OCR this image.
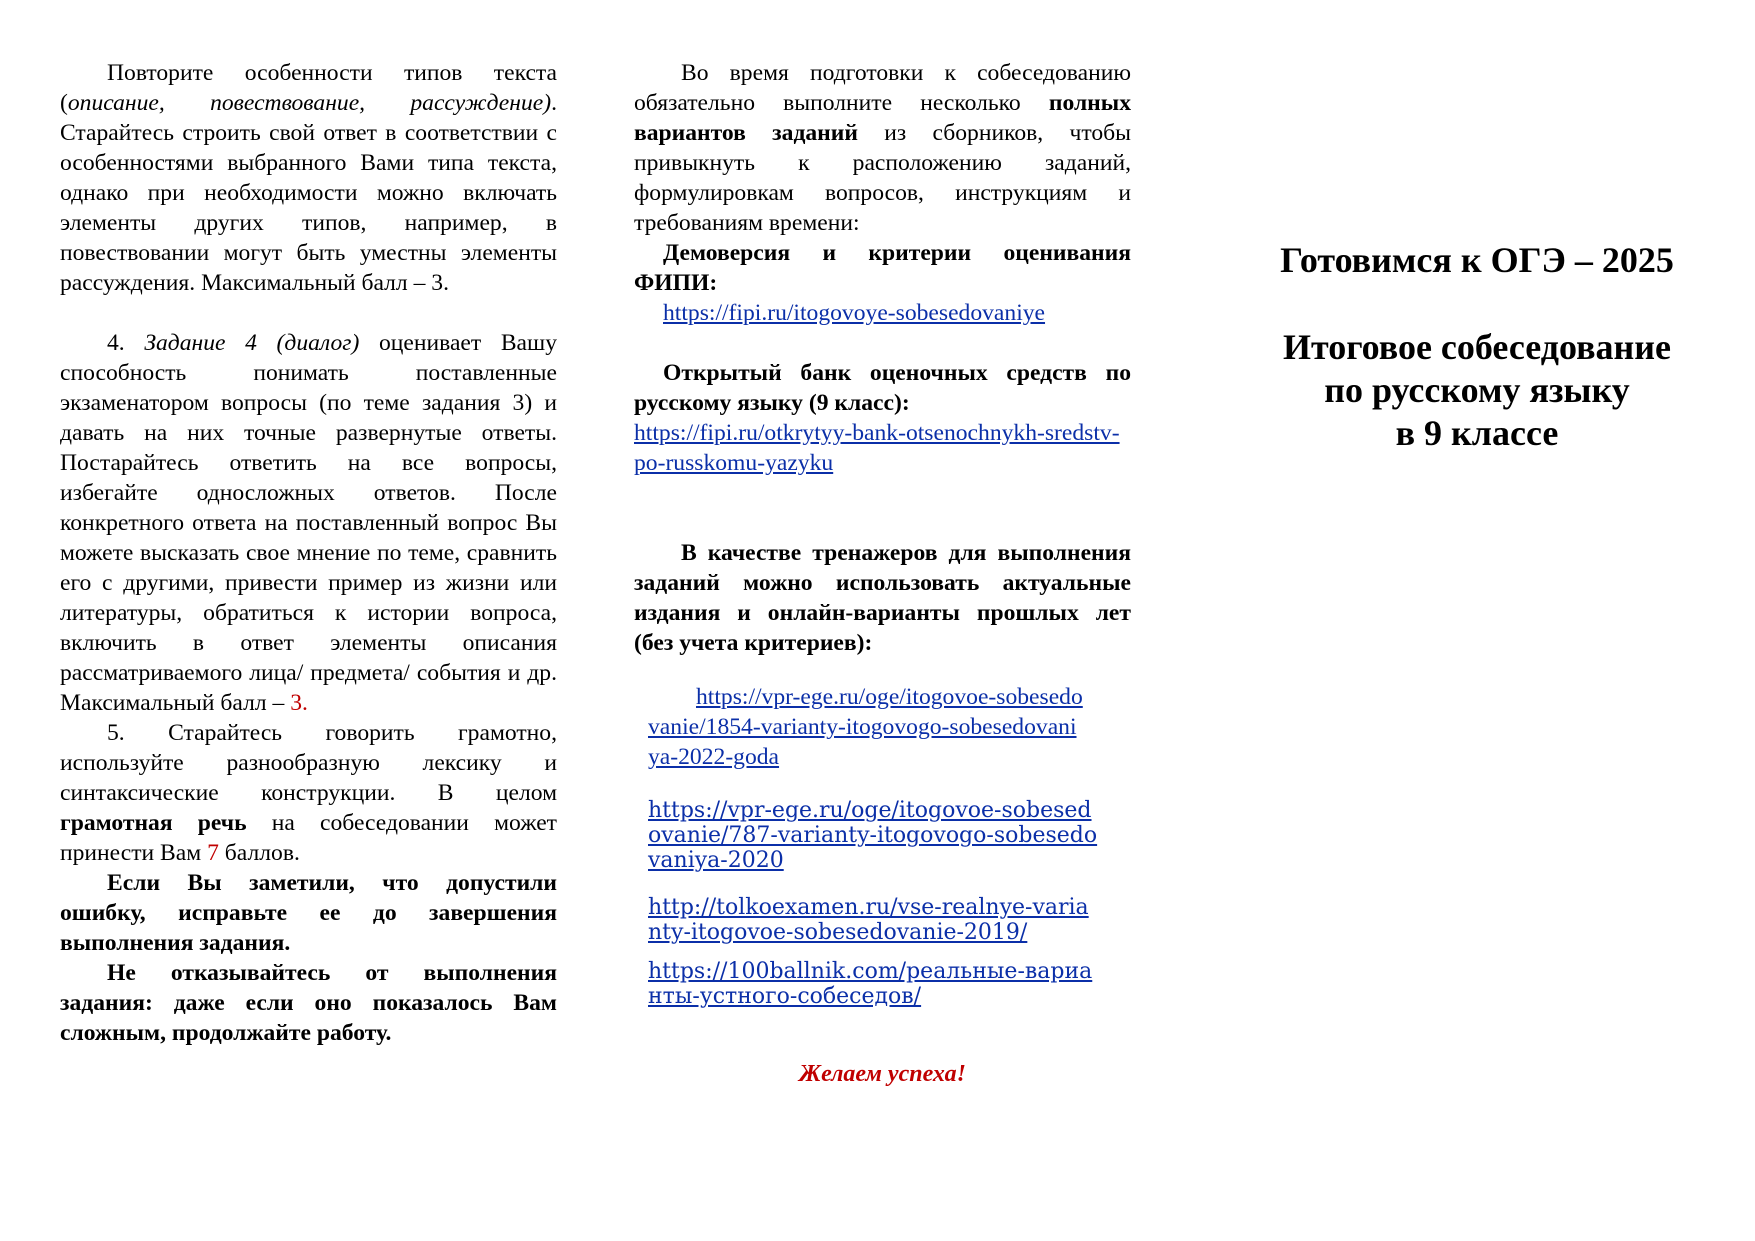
Повторите особенности типов текста (описание, повествование, рассуждение). Старайтесь строить свой ответ в соответствии с особенностями выбранного Вами типа текста, однако при необходимости можно включать элементы других типов, например, в повествовании могут быть уместны элементы рассуждения. Максимальный балл – 3.

4. Задание 4 (диалог) оценивает Вашу способность понимать поставленные экзаменатором вопросы (по теме задания 3) и давать на них точные развернутые ответы. Постарайтесь ответить на все вопросы, избегайте односложных ответов. После конкретного ответа на поставленный вопрос Вы можете высказать свое мнение по теме, сравнить его с другими, привести пример из жизни или литературы, обратиться к истории вопроса, включить в ответ элементы описания рассматриваемого лица/ предмета/ события и др. Максимальный балл – 3.

5. Старайтесь говорить грамотно, используйте разнообразную лексику и синтаксические конструкции. В целом грамотная речь на собеседовании может принести Вам 7 баллов.

Если Вы заметили, что допустили ошибку, исправьте ее до завершения выполнения задания.

Не отказывайтесь от выполнения задания: даже если оно показалось Вам сложным, продолжайте работу.

Во время подготовки к собеседованию обязательно выполните несколько полных вариантов заданий из сборников, чтобы привыкнуть к расположению заданий, формулировкам вопросов, инструкциям и требованиям времени:

Демоверсия и критерии оценивания ФИПИ:

https://fipi.ru/itogovoye-sobesedovaniye

Открытый банк оценочных средств по русскому языку (9 класс):

https://fipi.ru/otkrytyy-bank-otsenochnykh-sredstv-po-russkomu-yazyku

В качестве тренажеров для выполнения заданий можно использовать актуальные издания и онлайн-варианты прошлых лет (без учета критериев):

https://vpr-ege.ru/oge/itogovoe-sobesedovanie/1854-varianty-itogovogo-sobesedovaniya-2022-goda

https://vpr-ege.ru/oge/itogovoe-sobesedovanie/787-varianty-itogovogo-sobesedovaniya-2020

http://tolkoexamen.ru/vse-realnye-varianty-itogovoe-sobesedovanie-2019/

https://100ballnik.com/реальные-варианты-устного-собеседов/

Желаем успеха!

Готовимся к ОГЭ – 2025

Итоговое собеседование

по русскому языку

в 9 классе
